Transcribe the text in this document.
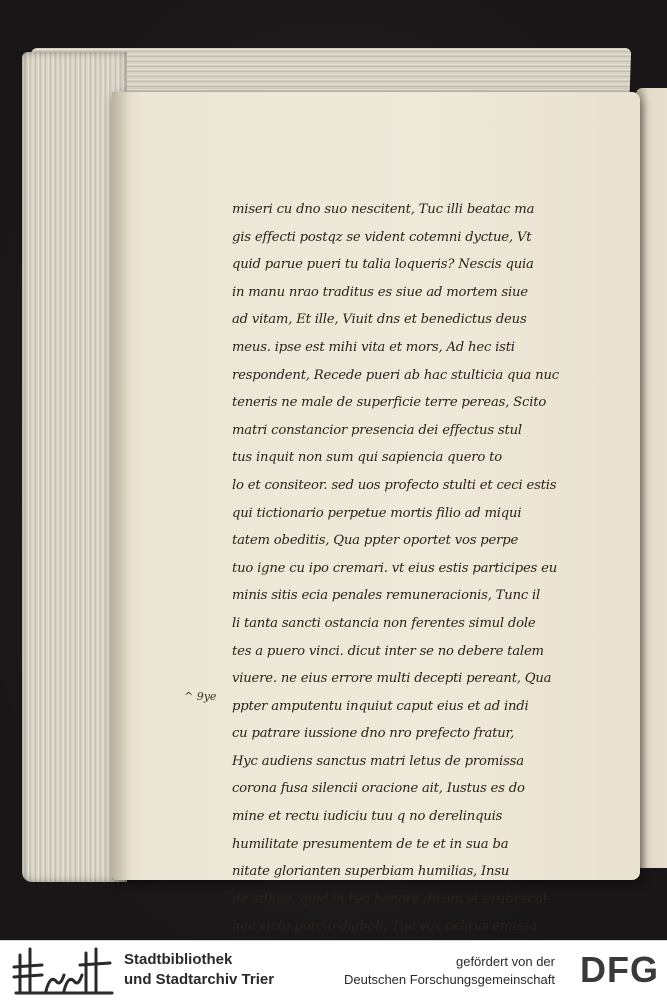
miseri cu dno suo nescitent, Tuc illi beatac ma
gis effecti postqz se vident cotemni dyctue, Vt
quid parue pueri tu talia loqueris? Nescis quia
in manu nrao traditus es siue ad mortem siue
ad vitam, Et ille, Viuit dns et benedictus deus
meus. ipse est mihi vita et mors, Ad hec isti
respondent, Recede pueri ab hac stulticia qua nuc
teneris ne male de superficie terre pereas, Scito
matri constancior presencia dei effectus stul
tus inquit non sum qui sapiencia quero to
lo et consiteor. sed uos profecto stulti et ceci estis
qui tictionario perpetue mortis filio ad miqui
tatem obeditis, Qua ppter oportet vos perpe
tuo igne cu ipo cremari. vt eius estis participes eu
minis sitis ecia penales remuneracionis, Tunc il
li tanta sancti ostancia non ferentes simul dole
tes a puero vinci. dicut inter se no debere talem
viuere. ne eius errore multi decepti pereant, Qua
ppter amputentu inquiut caput eius et ad indi
cu patrare iussione dno nro prefecto fratur,
Hyc audiens sanctus matri letus de promissa
corona fusa silencii oracione ait, Iustus es do
mine et rectu iudiciu tuu q no derelinquis
humilitate presumentem de te et in sua ba
nitate glorianten superbiam humilias, Insu
de adhuc, quid in tuo honore dicam vt erubescat
hec victa porcio diaboli, Tuc vox celitus emissa
^ 9ye
Stadtbibliothek
und Stadtarchiv Trier
gefördert von der
Deutschen Forschungsgemeinschaft DFG
